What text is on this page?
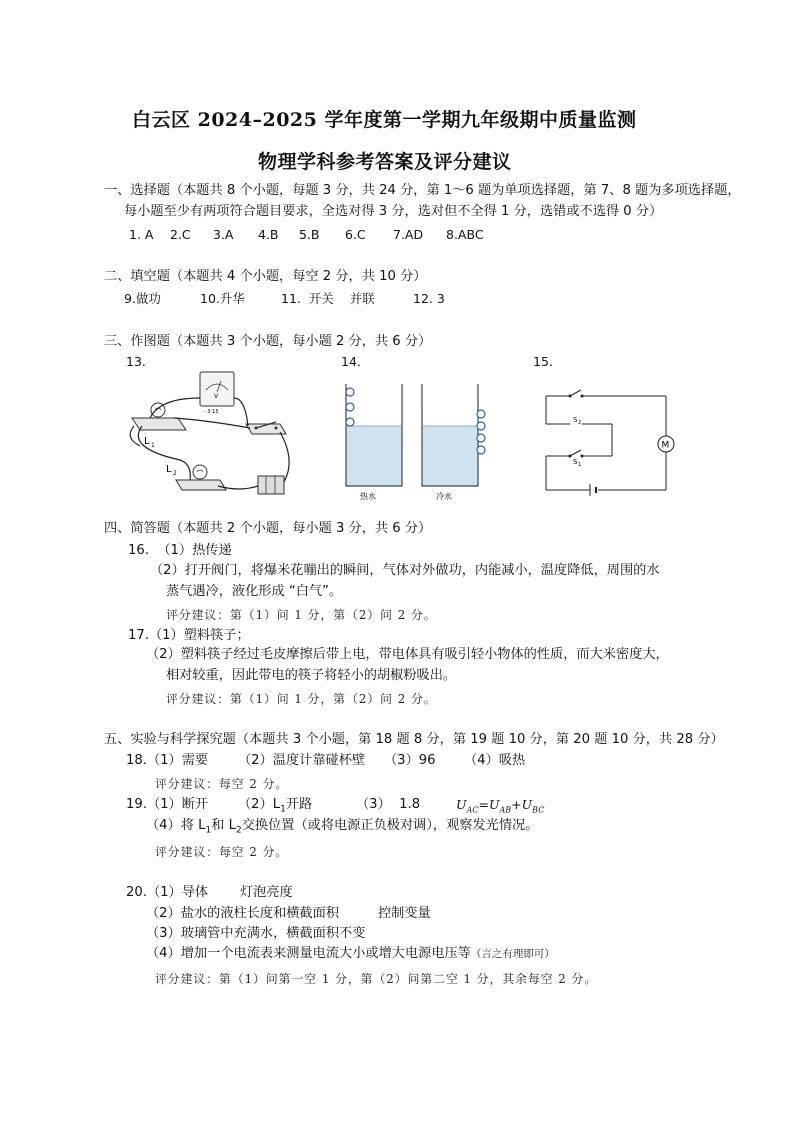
白云区 2024–2025 学年度第一学期九年级期中质量监测
物理学科参考答案及评分建议
一、选择题（本题共 8 个小题，每题 3 分，共 24 分，第 1～6 题为单项选择题，第 7、8 题为多项选择题，
每小题至少有两项符合题目要求，全选对得 3 分，选对但不全得 1 分，选错或不选得 0 分）
1. A 2.C 3.A 4.B 5.B 6.C 7.AD 8.ABC
二、填空题（本题共 4 个小题，每空 2 分，共 10 分）
9.做功	10.升华	11.  开关    并联	12. 3
三、作图题（本题共 3 个小题，每小题 2 分，共 6 分）
13.	14.	15.
V
- 3 15
L 1
L 2
热水	冷水
S 2
S 1
M
四、简答题（本题共 2 个小题，每小题 3 分，共 6 分）
16.  （1）热传递
（2）打开阀门，将爆米花嘣出的瞬间，气体对外做功，内能减小，温度降低，周围的水
蒸气遇冷，液化形成 “白气”。
评分建议：第（1）问 1 分，第（2）问 2 分。
17.（1）塑料筷子；
（2）塑料筷子经过毛皮摩擦后带上电，带电体具有吸引轻小物体的性质，而大米密度大，
相对较重，因此带电的筷子将轻小的胡椒粉吸出。
评分建议：第（1）问 1 分，第（2）问 2 分。
五、实验与科学探究题（本题共 3 个小题，第 18 题 8 分，第 19 题 10 分，第 20 题 10 分，共 28 分）
18.（1）需要 （2）温度计靠碰杯壁 （3）96 （4）吸热
评分建议：每空 2 分。
19.（1）断开 $(2)L_1$开路	（3）  1.8	$U_{AC}=U_{AB}+U_{BC}$
（4）将 $L_1$和 $L_2$交换位置（或将电源正负极对调），观察发光情况。
评分建议：每空 2 分。
20.（1）导体 灯泡亮度
（2）盐水的液柱长度和横截面积	控制变量
（3）玻璃管中充满水，横截面积不变
（4）增加一个电流表来测量电流大小或增大电源电压等（言之有理即可）
评分建议：第（1）问第一空 1 分，第（2）问第二空 1 分，其余每空 2 分。
